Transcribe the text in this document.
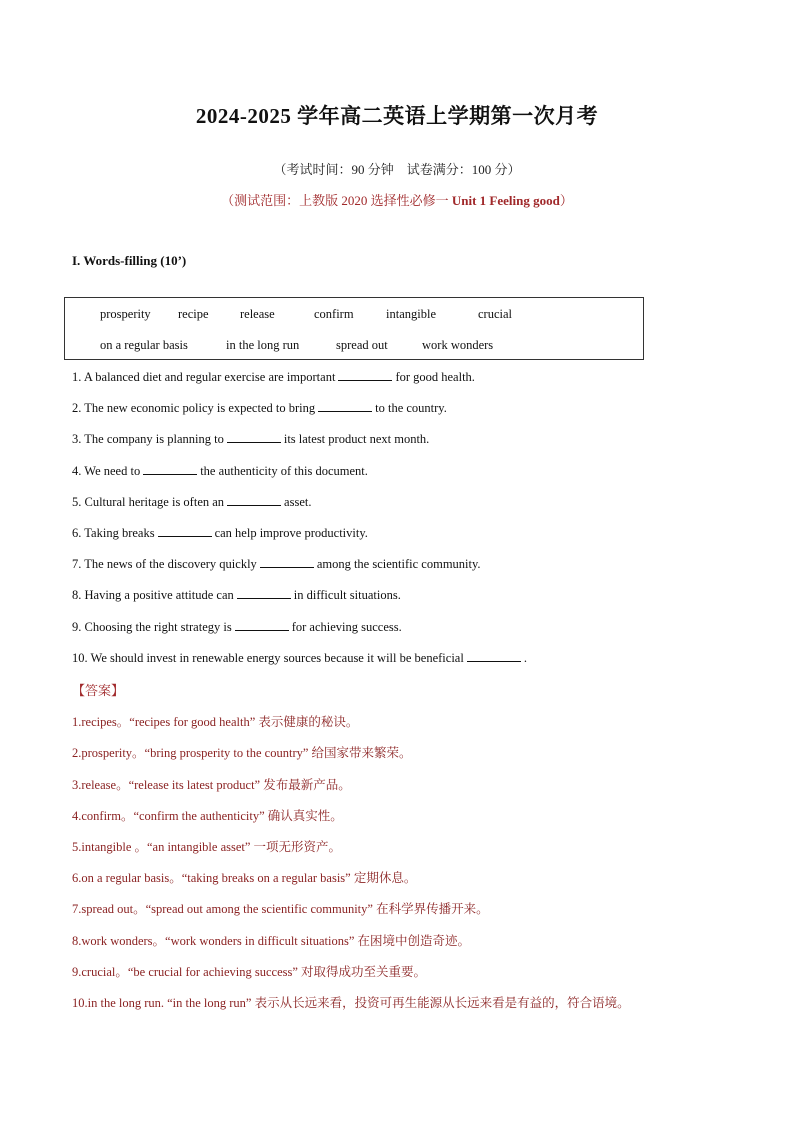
2024-2025 学年高二英语上学期第一次月考
（考试时间：90 分钟　试卷满分：100 分）
（测试范围：上教版 2020 选择性必修一 Unit 1 Feeling good）
I. Words-filling (10’)
prosperity recipe	release	confirm	intangible	crucial
on a regular basis	in the long run	spread out	work wonders
1. A balanced diet and regular exercise are important	for good health.
2. The new economic policy is expected to bring	to the country.
3. The company is planning to	its latest product next month.
4. We need to	the authenticity of this document.
5. Cultural heritage is often an	asset.
6. Taking breaks	can help improve productivity.
7. The news of the discovery quickly	among the scientific community.
8. Having a positive attitude can	in difficult situations.
9. Choosing the right strategy is	for achieving success.
10. We should invest in renewable energy sources because it will be beneficial	.
【答案】
1.recipes。“recipes for good health” 表示健康的秘诀。
2.prosperity。“bring prosperity to the country” 给国家带来繁荣。
3.release。“release its latest product” 发布最新产品。
4.confirm。“confirm the authenticity” 确认真实性。
5.intangible 。“an intangible asset” 一项无形资产。
6.on a regular basis。“taking breaks on a regular basis” 定期休息。
7.spread out。“spread out among the scientific community” 在科学界传播开来。
8.work wonders。“work wonders in difficult situations” 在困境中创造奇迹。
9.crucial。“be crucial for achieving success” 对取得成功至关重要。
10.in the long run. “in the long run” 表示从长远来看，投资可再生能源从长远来看是有益的，符合语境。
